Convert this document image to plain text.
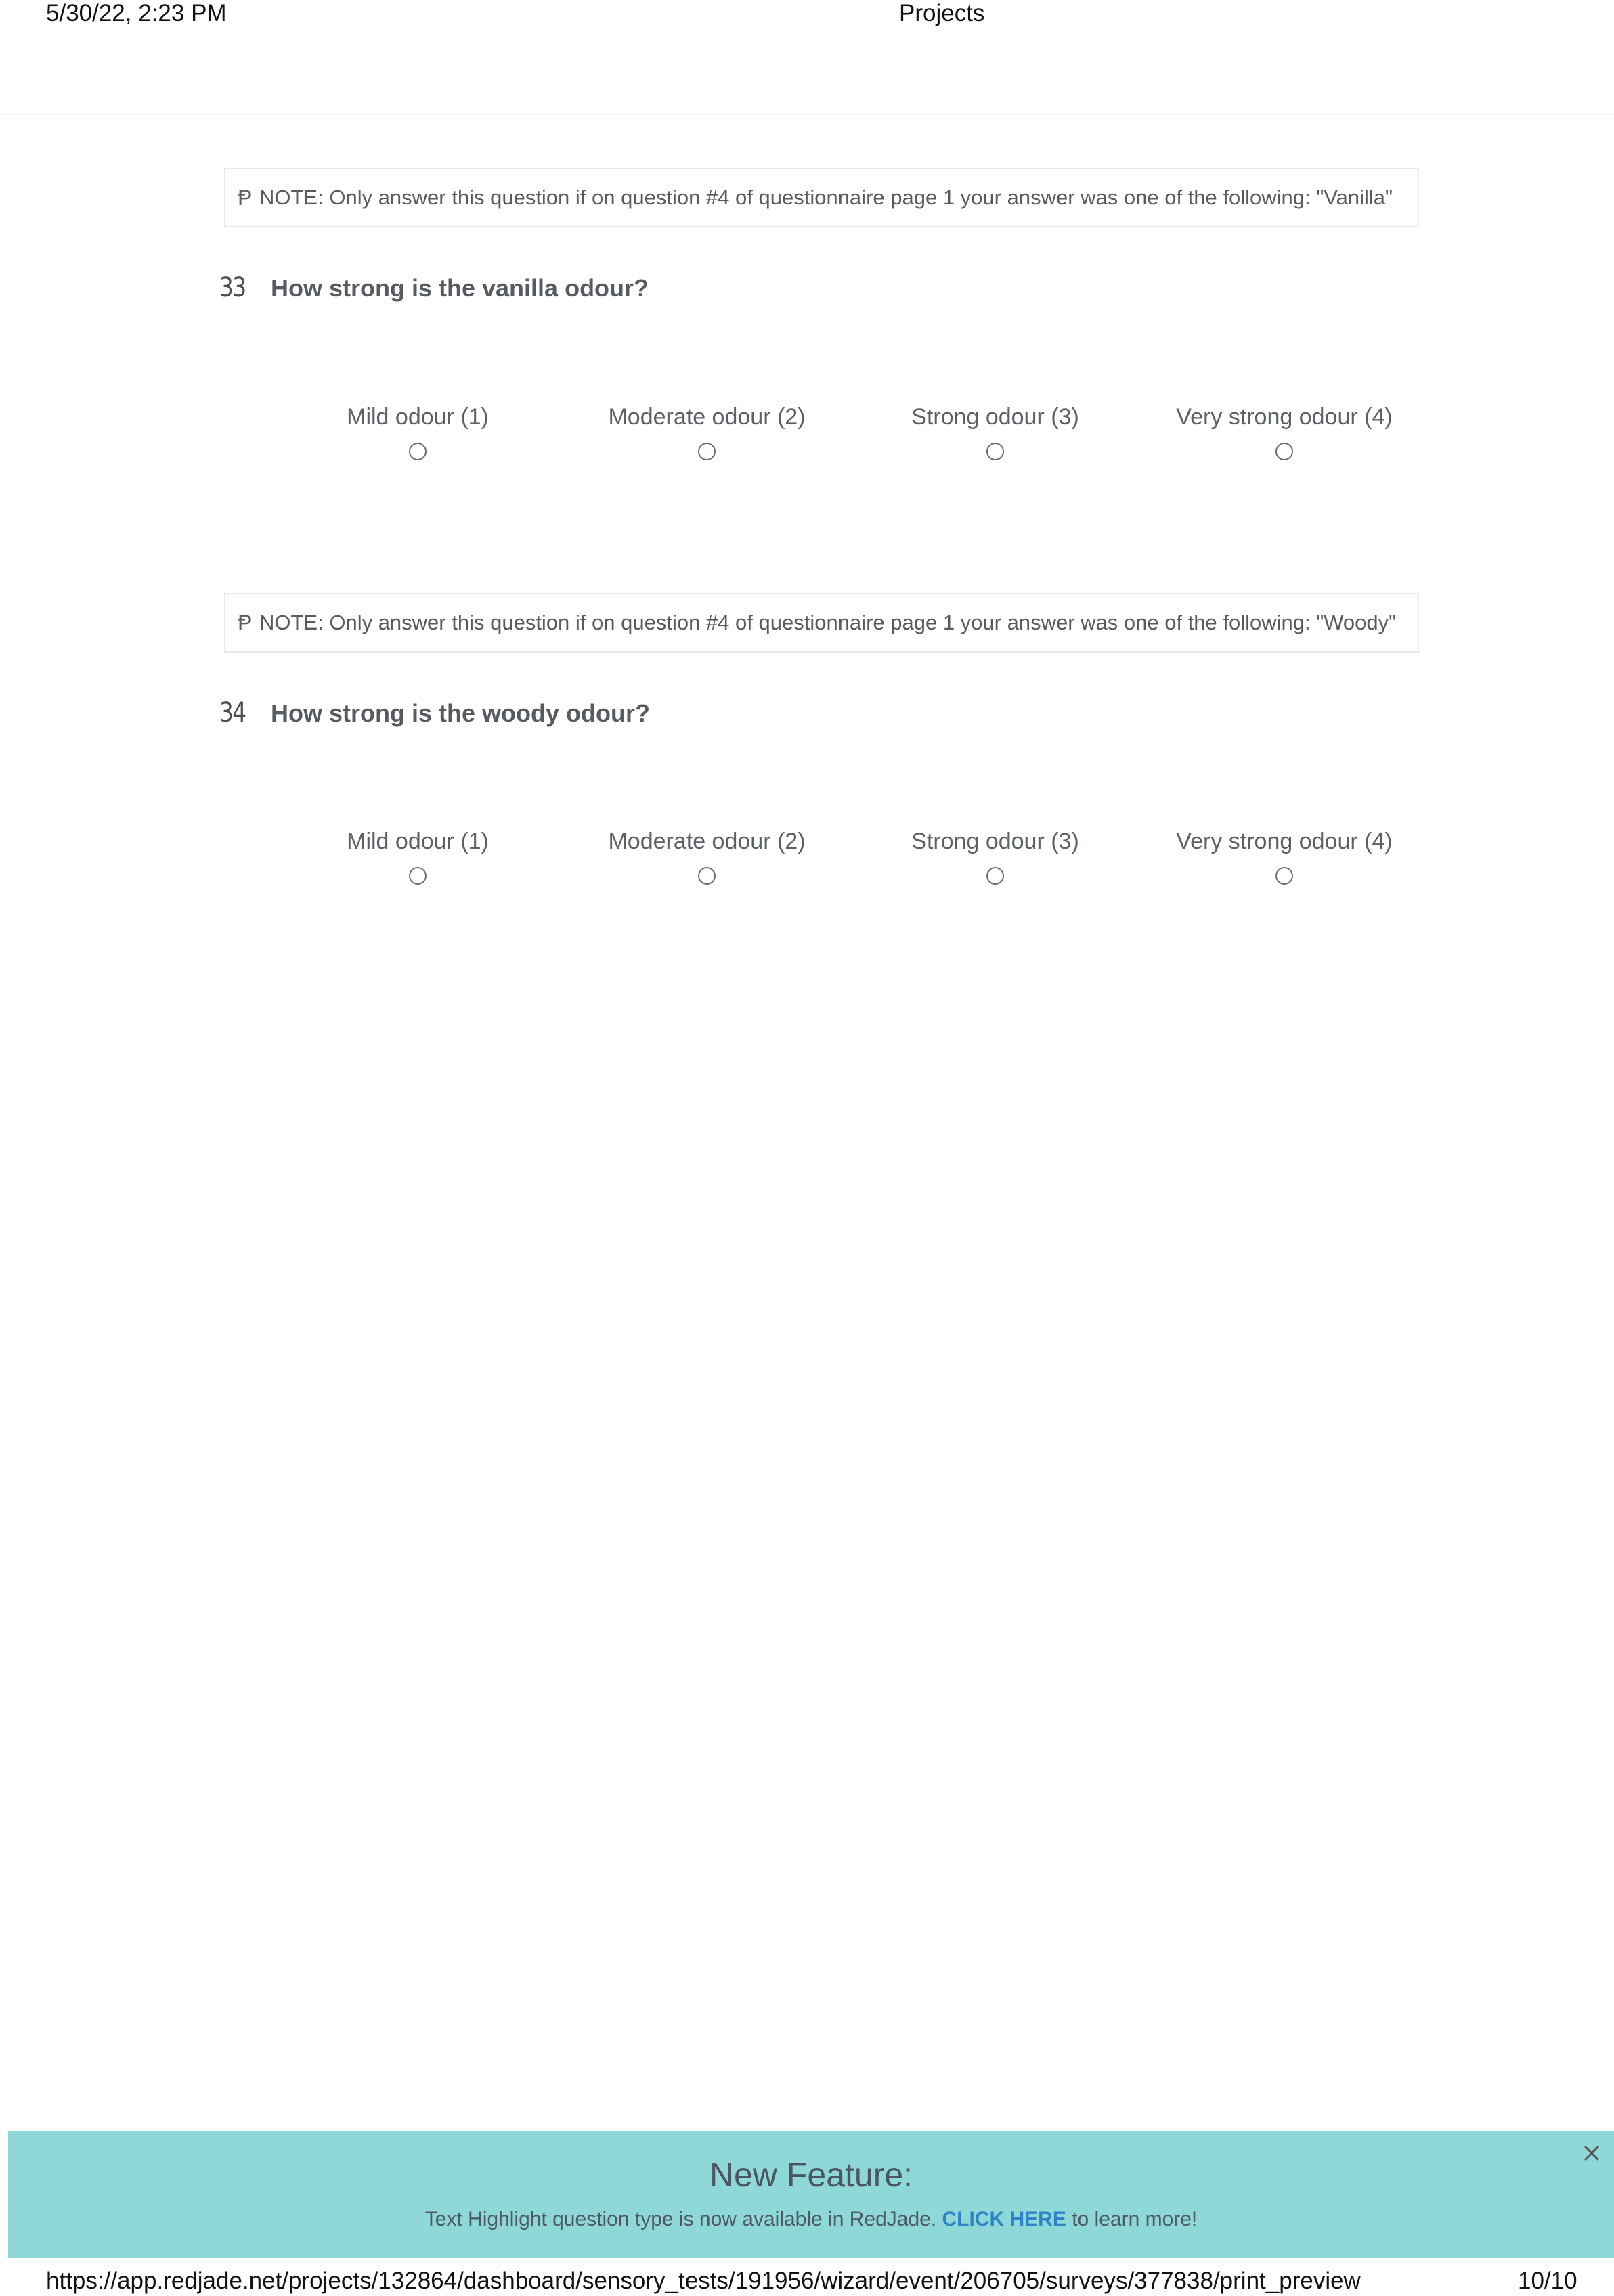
5/30/22, 2:23 PM	Projects
Ᵽ NOTE: Only answer this question if on question #4 of questionnaire page 1 your answer was one of the following: "Vanilla"
33 How strong is the vanilla odour?
Mild odour (1)	Moderate odour (2)	Strong odour (3)	Very strong odour (4)
Ᵽ NOTE: Only answer this question if on question #4 of questionnaire page 1 your answer was one of the following: "Woody"
34 How strong is the woody odour?
Mild odour (1)	Moderate odour (2)	Strong odour (3)	Very strong odour (4)
New Feature:
Text Highlight question type is now available in RedJade. CLICK HERE to learn more!
https://app.redjade.net/projects/132864/dashboard/sensory_tests/191956/wizard/event/206705/surveys/377838/print_preview	10/10
